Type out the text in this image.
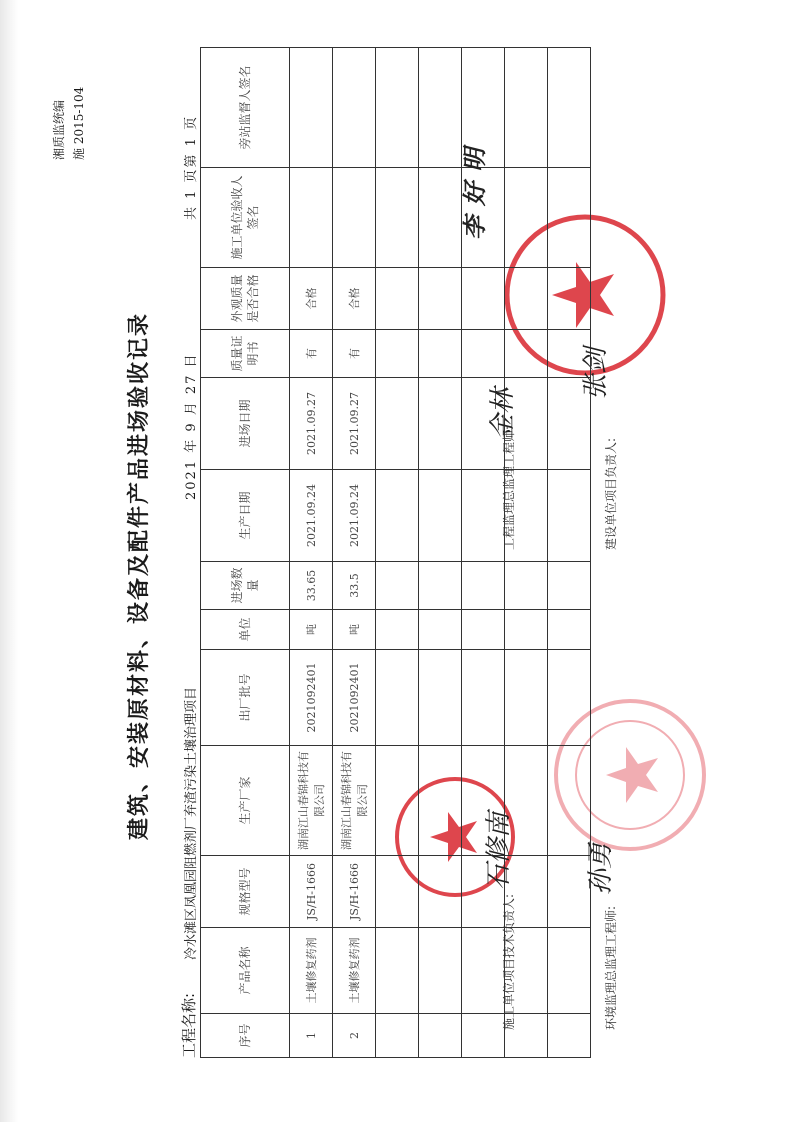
湘质监统编 施 2015-104
建筑、安装原材料、设备及配件产品进场验收记录
工程名称:
冷水滩区凤凰园阻燃剂厂弃渣污染土壤治理项目
2021 年 9 月 27 日
共 1 页第 1 页
序号	产品名称	规格型号	生产厂家	出厂批号	单位	进场数量	生产日期	进场日期	质量证明书	外观质量是否合格	施工单位验收人签名	旁站监督人签名
1	土壤修复药剂	JS/H-1666	湖南江山春锦科技有限公司	2021092401	吨	33.65	2021.09.24	2021.09.27	有	合格		
2	土壤修复药剂	JS/H-1666	湖南江山春锦科技有限公司	2021092401	吨	33.5	2021.09.24	2021.09.27	有	合格		

李好明
施工单位项目技术负责人:
石修南
工程监理总监理工程师:
金林
环境监理总监理工程师:
孙勇
建设单位项目负责人:
张剑
